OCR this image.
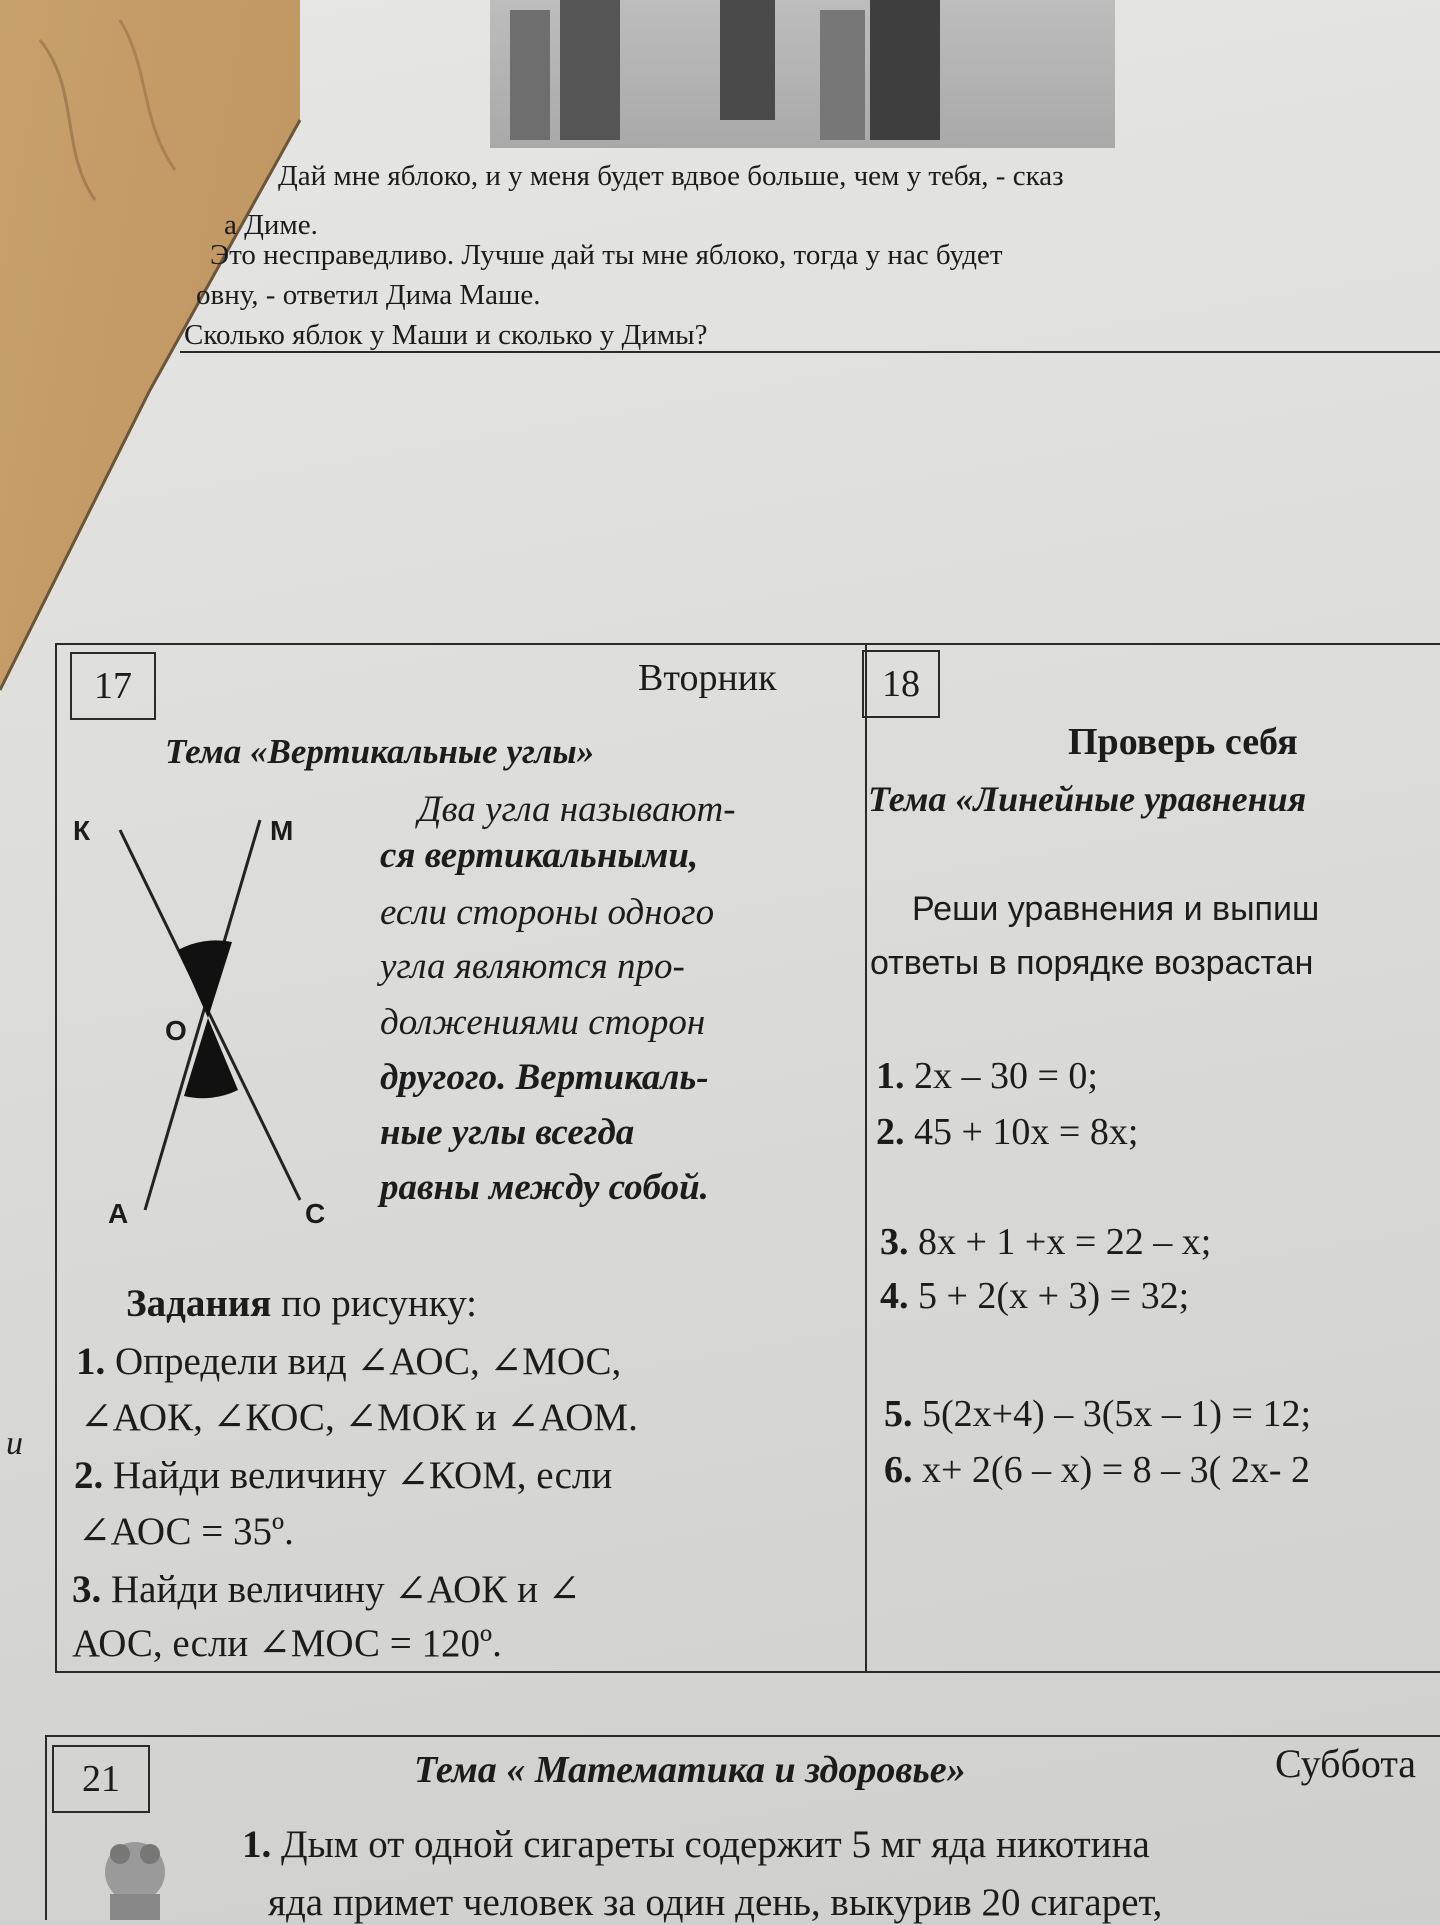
Дай мне яблоко, и у меня будет вдвое больше, чем у тебя, - сказ
а Диме.
Это несправедливо. Лучше дай ты мне яблоко, тогда у нас будет
овну, - ответил Дима Маше.
Сколько яблок у Маши и сколько у Димы?
и
17	Вторник
Тема «Вертикальные углы»
К	М
О
А	С
Два угла называют-
ся вертикальными,
если стороны одного
угла являются про-
должениями сторон
другого. Вертикаль-
ные углы всегда
равны между собой.
Задания по рисунку:
1. Определи вид ∠АОС, ∠МОС,
∠АОК, ∠КОС, ∠МОК и ∠АОМ.
2. Найди величину ∠КОМ, если
∠АОС = 35º.
3. Найди величину ∠АОК и ∠
АОС, если ∠МОС = 120º.
18
Проверь себя
Тема «Линейные уравнения
Реши уравнения и выпиш
ответы в порядке возрастан
1. 2х – 30 = 0;
2. 45 + 10х = 8х;
3. 8х + 1 +х = 22 – х;
4. 5 + 2(х + 3) = 32;
5. 5(2х+4) – 3(5х – 1) = 12;
6. х+ 2(6 – х) = 8 – 3( 2х- 2
21	Тема « Математика и здоровье»	Суббота
1. Дым от одной сигареты содержит 5 мг яда никотина
яда примет человек за один день, выкурив 20 сигарет,
